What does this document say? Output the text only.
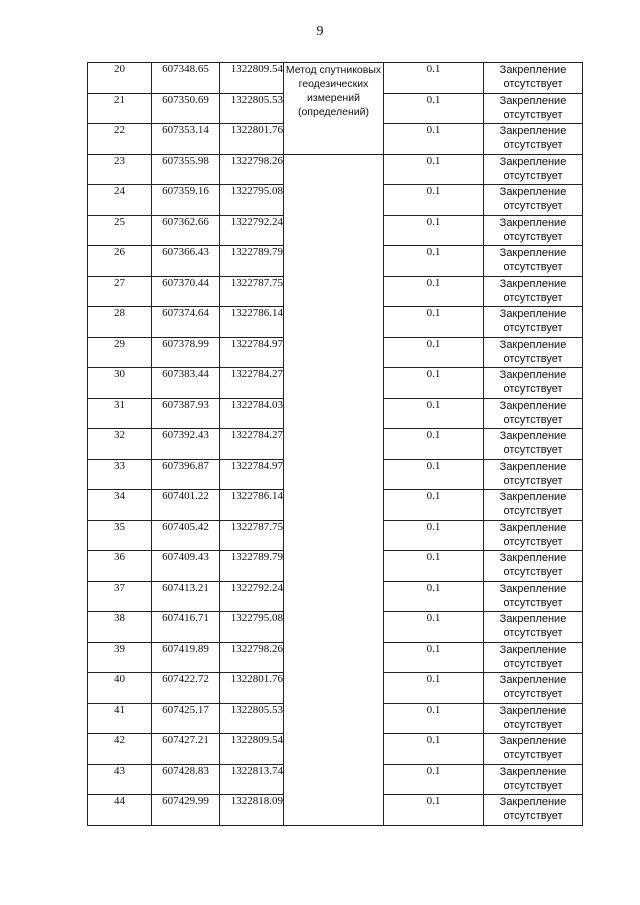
9
20	607348.65	1322809.54	Метод спутниковых геодезических измерений (определений)	0.1	Закрепление отсутствует
21	607350.69	1322805.53		0.1	Закрепление отсутствует
22	607353.14	1322801.76		0.1	Закрепление отсутствует
23	607355.98	1322798.26		0.1	Закрепление отсутствует
24	607359.16	1322795.08		0.1	Закрепление отсутствует
25	607362.66	1322792.24		0.1	Закрепление отсутствует
26	607366.43	1322789.79		0.1	Закрепление отсутствует
27	607370.44	1322787.75		0.1	Закрепление отсутствует
28	607374.64	1322786.14		0.1	Закрепление отсутствует
29	607378.99	1322784.97		0.1	Закрепление отсутствует
30	607383.44	1322784.27		0.1	Закрепление отсутствует
31	607387.93	1322784.03		0.1	Закрепление отсутствует
32	607392.43	1322784.27		0.1	Закрепление отсутствует
33	607396.87	1322784.97		0.1	Закрепление отсутствует
34	607401.22	1322786.14		0.1	Закрепление отсутствует
35	607405.42	1322787.75		0.1	Закрепление отсутствует
36	607409.43	1322789.79		0.1	Закрепление отсутствует
37	607413.21	1322792.24		0.1	Закрепление отсутствует
38	607416.71	1322795.08		0.1	Закрепление отсутствует
39	607419.89	1322798.26		0.1	Закрепление отсутствует
40	607422.72	1322801.76		0.1	Закрепление отсутствует
41	607425.17	1322805.53		0.1	Закрепление отсутствует
42	607427.21	1322809.54		0.1	Закрепление отсутствует
43	607428.83	1322813.74		0.1	Закрепление отсутствует
44	607429.99	1322818.09		0.1	Закрепление отсутствует
